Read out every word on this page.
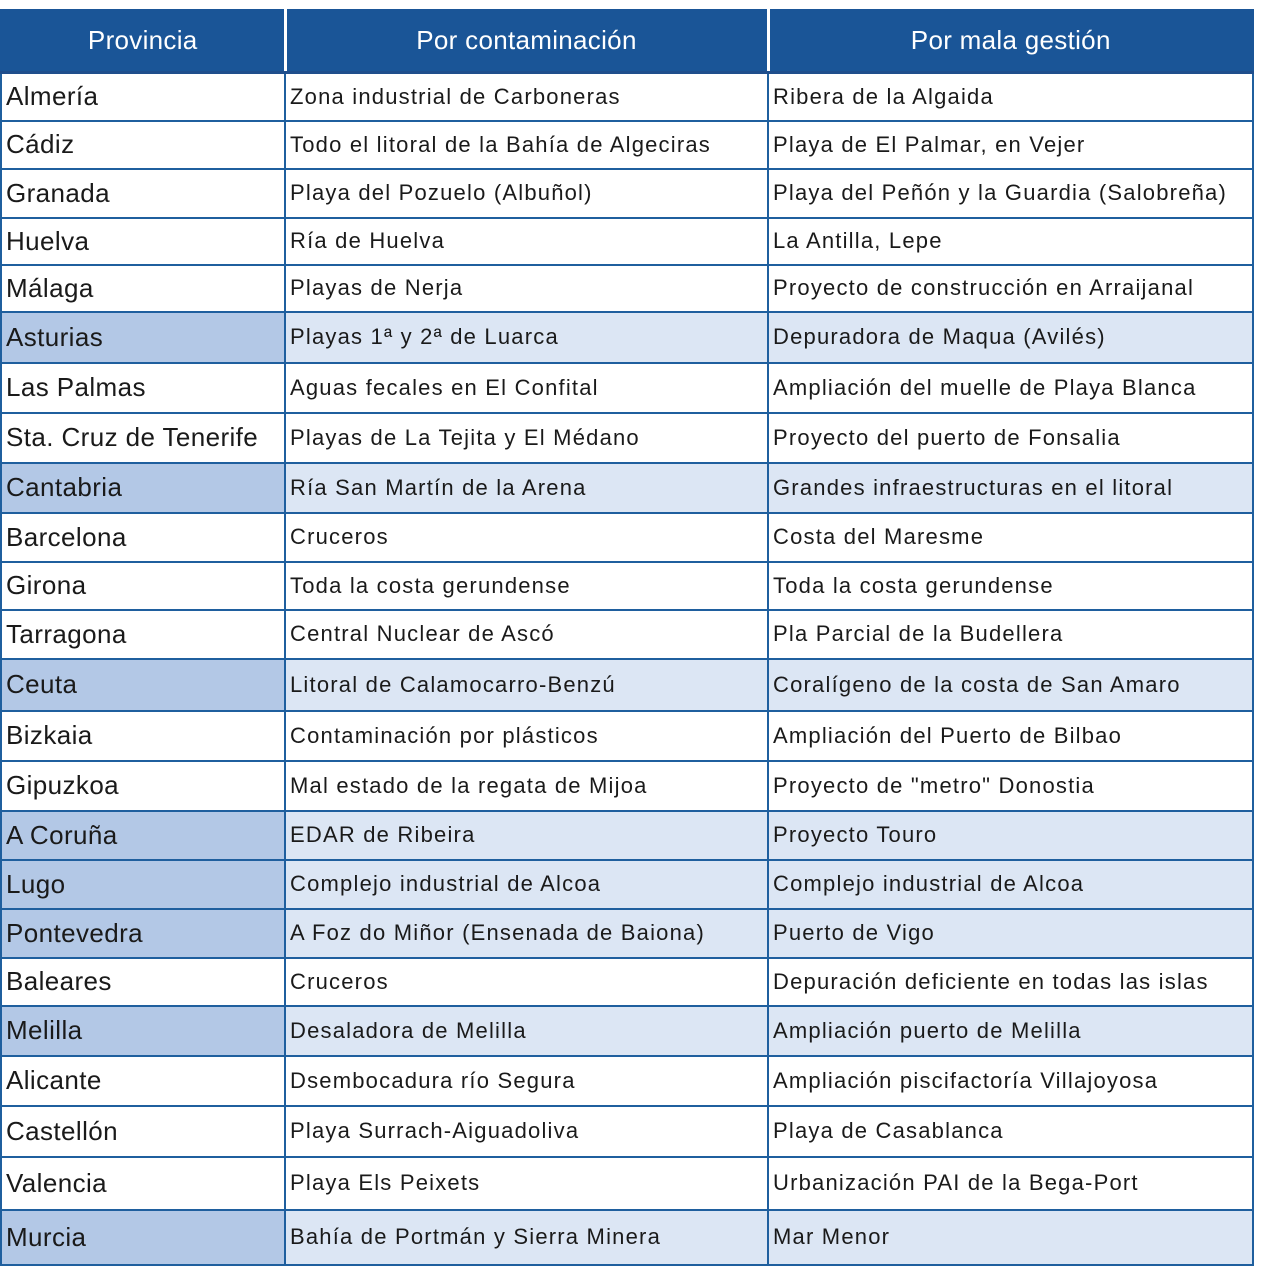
Provincia	Por contaminación	Por mala gestión
Almería	Zona industrial de Carboneras	Ribera de la Algaida
Cádiz	Todo el litoral de la Bahía de Algeciras	Playa de El Palmar, en Vejer
Granada	Playa del Pozuelo (Albuñol)	Playa del Peñón y la Guardia (Salobreña)
Huelva	Ría de Huelva	La Antilla, Lepe
Málaga	Playas de Nerja	Proyecto de construcción en Arraijanal
Asturias	Playas 1ª y 2ª de Luarca	Depuradora de Maqua (Avilés)
Las Palmas	Aguas fecales en El Confital	Ampliación del muelle de Playa Blanca
Sta. Cruz de Tenerife	Playas de La Tejita y El Médano	Proyecto del puerto de Fonsalia
Cantabria	Ría San Martín de la Arena	Grandes infraestructuras en el litoral
Barcelona	Cruceros	Costa del Maresme
Girona	Toda la costa gerundense	Toda la costa gerundense
Tarragona	Central Nuclear de Ascó	Pla Parcial de la Budellera
Ceuta	Litoral de Calamocarro-Benzú	Coralígeno de la costa de San Amaro
Bizkaia	Contaminación por plásticos	Ampliación del Puerto de Bilbao
Gipuzkoa	Mal estado de la regata de Mijoa	Proyecto de "metro" Donostia
A Coruña	EDAR de Ribeira	Proyecto Touro
Lugo	Complejo industrial de Alcoa	Complejo industrial de Alcoa
Pontevedra	A Foz do Miñor (Ensenada de Baiona)	Puerto de Vigo
Baleares	Cruceros	Depuración deficiente en todas las islas
Melilla	Desaladora de Melilla	Ampliación puerto de Melilla
Alicante	Dsembocadura río Segura	Ampliación piscifactoría Villajoyosa
Castellón	Playa Surrach-Aiguadoliva	Playa de Casablanca
Valencia	Playa Els Peixets	Urbanización PAI de la Bega-Port
Murcia	Bahía de Portmán y Sierra Minera	Mar Menor
